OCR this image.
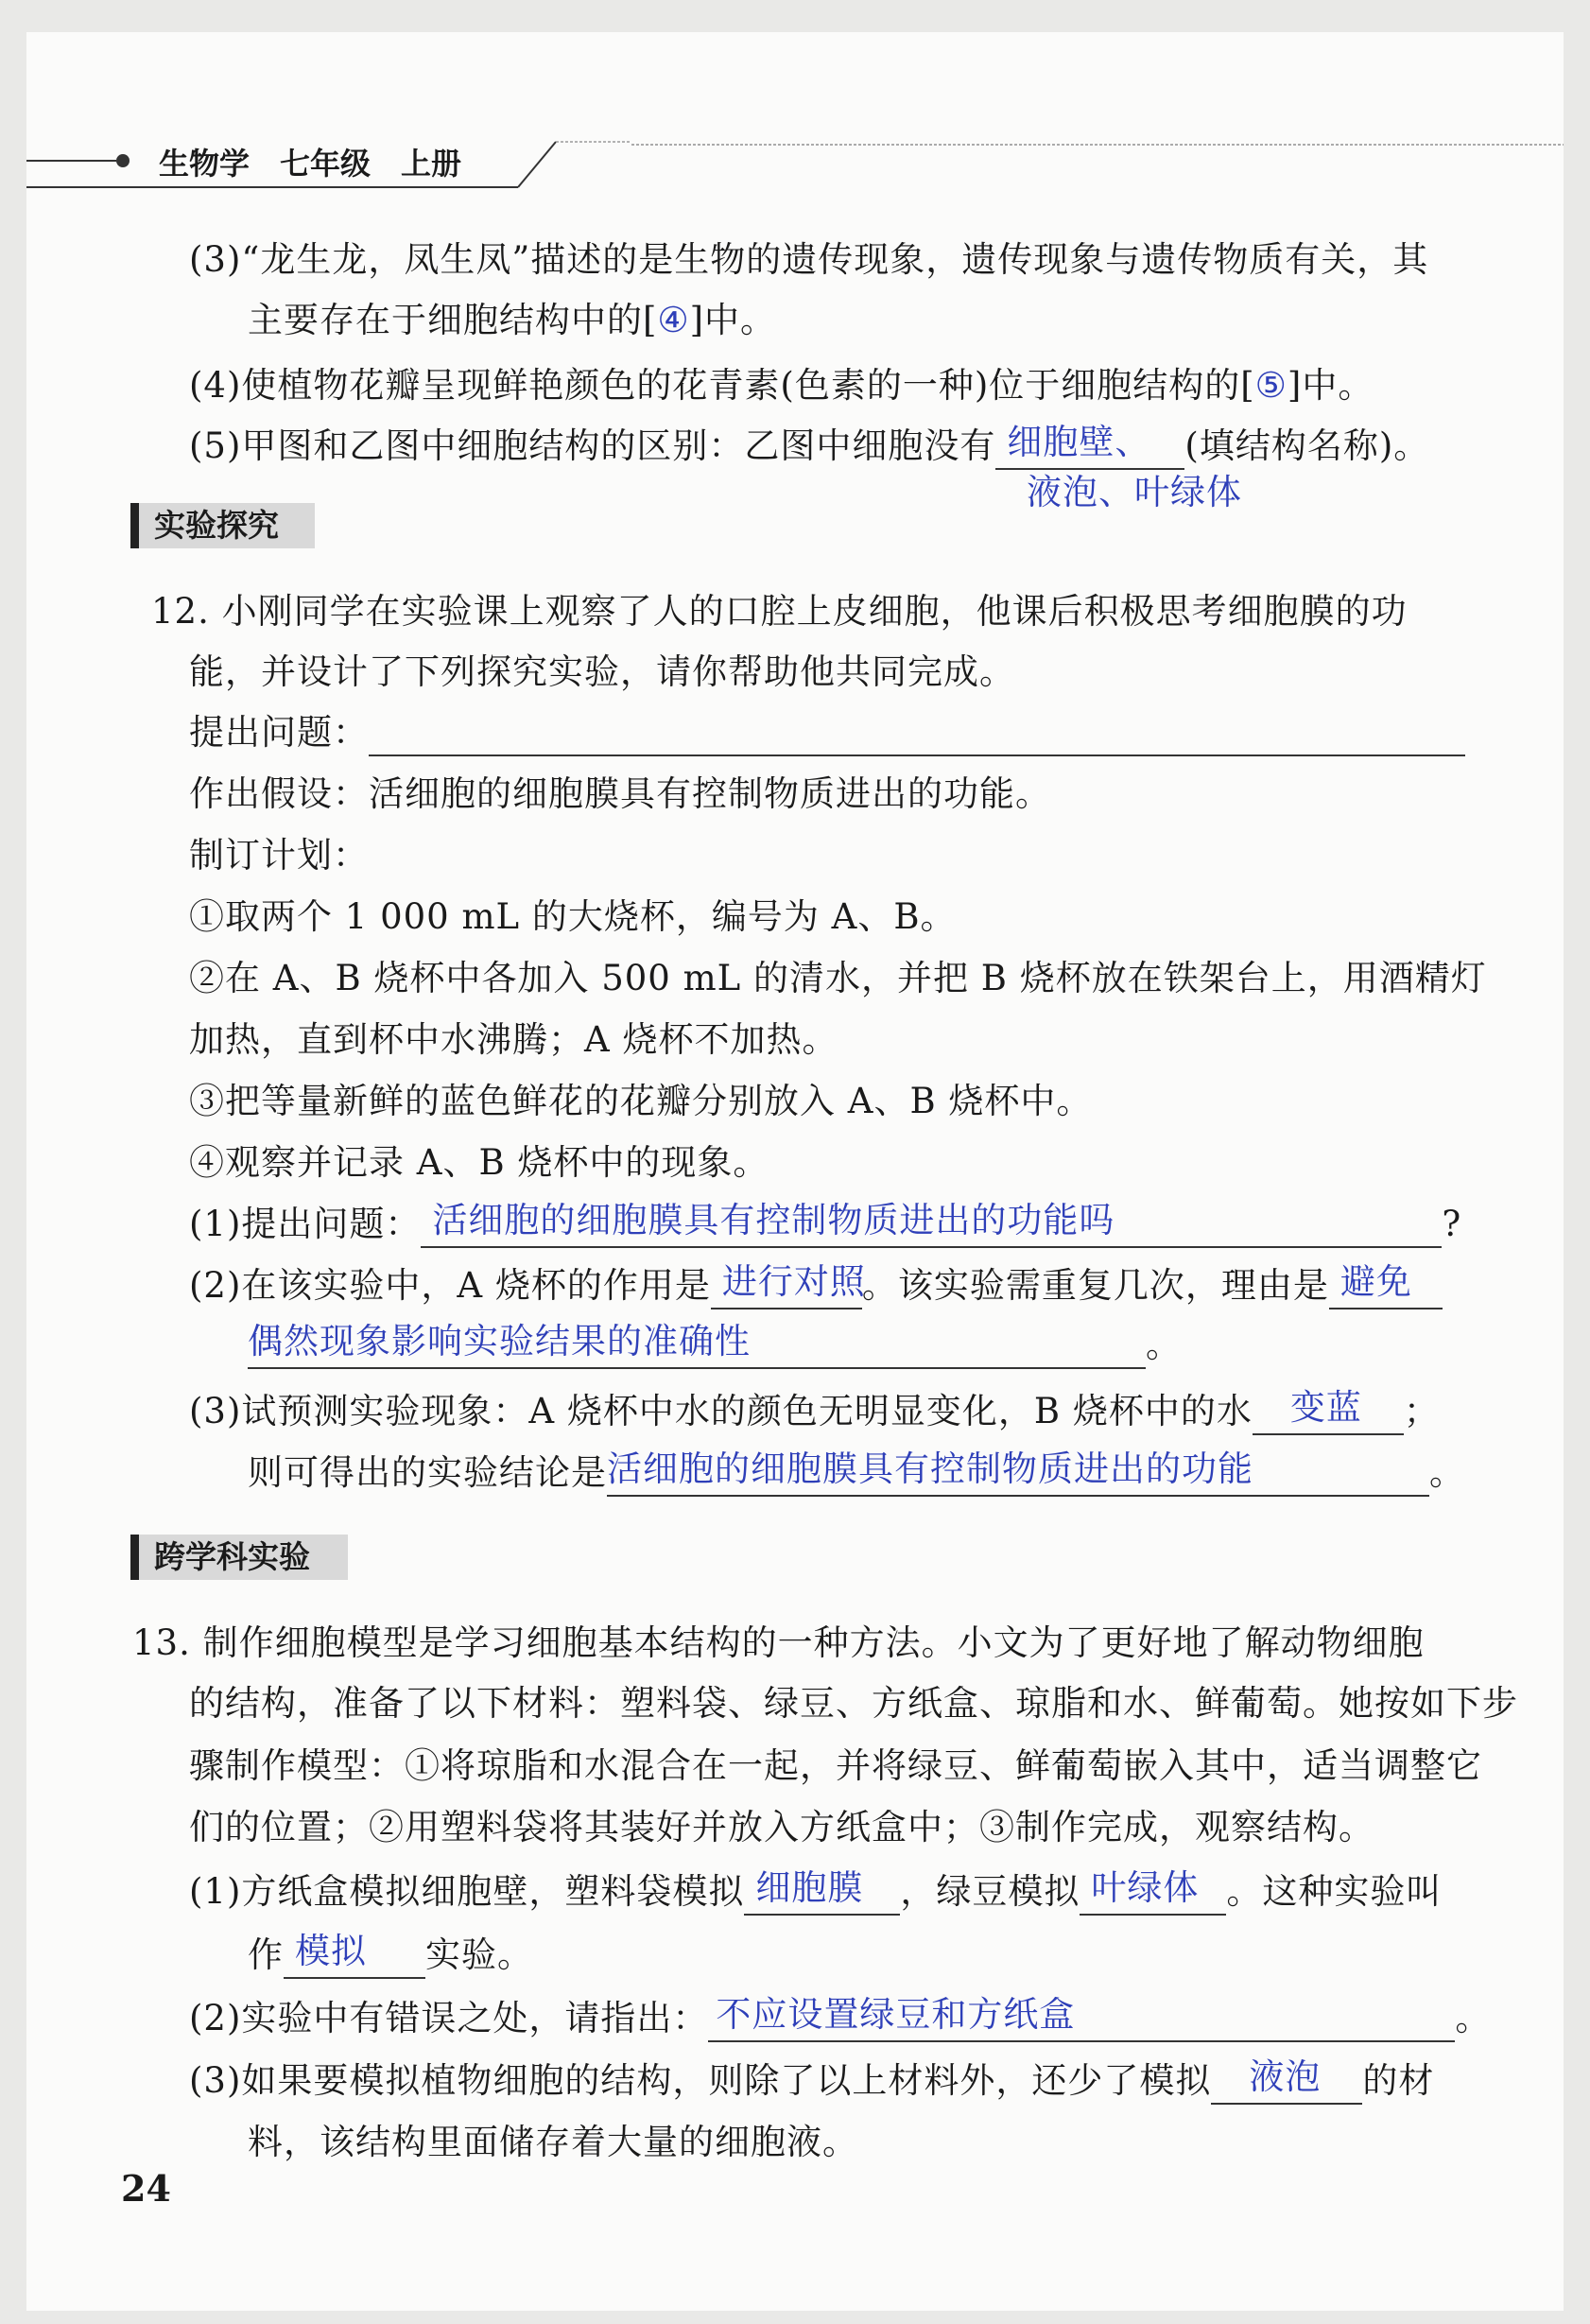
生物学　七年级　上册
(3)“龙生龙，凤生凤”描述的是生物的遗传现象，遗传现象与遗传物质有关，其
主要存在于细胞结构中的[④]中。
(4)使植物花瓣呈现鲜艳颜色的花青素(色素的一种)位于细胞结构的[⑤]中。
(5)甲图和乙图中细胞结构的区别：乙图中细胞没有 细胞壁、 (填结构名称)。
液泡、叶绿体
实验探究
12. 小刚同学在实验课上观察了人的口腔上皮细胞，他课后积极思考细胞膜的功
能，并设计了下列探究实验，请你帮助他共同完成。
提出问题：
作出假设：活细胞的细胞膜具有控制物质进出的功能。
制订计划：
①取两个 1 000 mL 的大烧杯，编号为 A、B。
②在 A、B 烧杯中各加入 500 mL 的清水，并把 B 烧杯放在铁架台上，用酒精灯
加热，直到杯中水沸腾；A 烧杯不加热。
③把等量新鲜的蓝色鲜花的花瓣分别放入 A、B 烧杯中。
④观察并记录 A、B 烧杯中的现象。
(1)提出问题： 活细胞的细胞膜具有控制物质进出的功能吗	?
(2)在该实验中，A 烧杯的作用是 进行对照
。该实验需重复几次，理由是 避免
偶然现象影响实验结果的准确性	。
(3)试预测实验现象：A 烧杯中水的颜色无明显变化，B 烧杯中的水 变蓝 ；
则可得出的实验结论是 活细胞的细胞膜具有控制物质进出的功能	。
跨学科实验
13. 制作细胞模型是学习细胞基本结构的一种方法。小文为了更好地了解动物细胞
的结构，准备了以下材料：塑料袋、绿豆、方纸盒、琼脂和水、鲜葡萄。她按如下步
骤制作模型：①将琼脂和水混合在一起，并将绿豆、鲜葡萄嵌入其中，适当调整它
们的位置；②用塑料袋将其装好并放入方纸盒中；③制作完成，观察结构。
(1)方纸盒模拟细胞壁，塑料袋模拟 细胞膜 ，绿豆模拟 叶绿体 。这种实验叫
作 模拟 实验。
(2)实验中有错误之处，请指出： 不应设置绿豆和方纸盒	。
(3)如果要模拟植物细胞的结构，则除了以上材料外，还少了模拟 液泡 的材
料，该结构里面储存着大量的细胞液。
24
